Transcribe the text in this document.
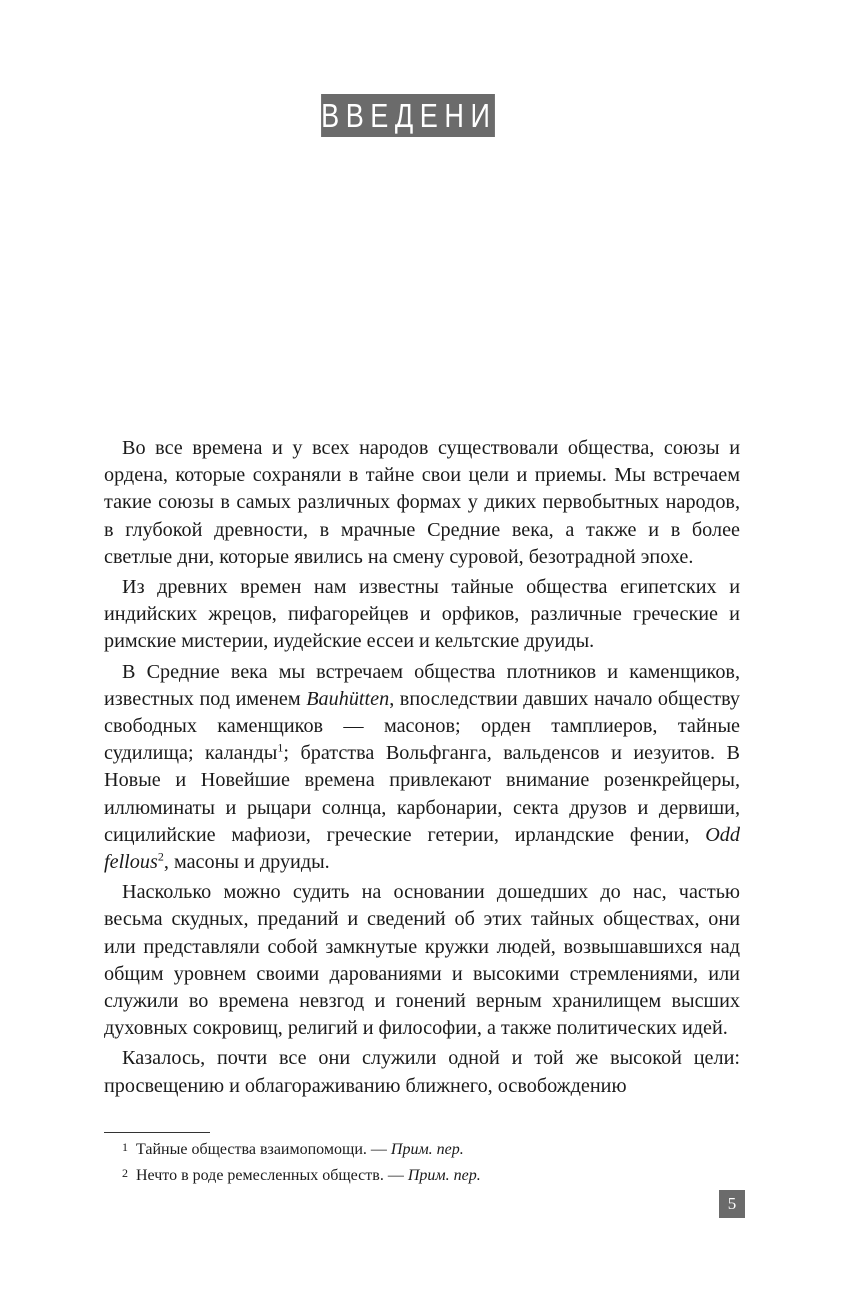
ВВЕДЕНИЕ

Во все времена и у всех народов существовали общества, союзы и ордена, которые сохраняли в тайне свои цели и приемы. Мы встречаем такие союзы в самых различных формах у диких первобытных народов, в глубокой древности, в мрачные Средние века, а также и в более светлые дни, которые явились на смену суровой, безотрадной эпохе.

Из древних времен нам известны тайные общества египетских и индийских жрецов, пифагорейцев и орфиков, различные греческие и римские мистерии, иудейские ессеи и кельтские друиды.

В Средние века мы встречаем общества плотников и каменщиков, известных под именем Bauhütten, впоследствии давших начало обществу свободных каменщиков — масонов; орден тамплиеров, тайные судилища; каланды$^1$; братства Вольфганга, вальденсов и иезуитов. В Новые и Новейшие времена привлекают внимание розенкрейцеры, иллюминаты и рыцари солнца, карбонарии, секта друзов и дервиши, сицилийские мафиози, греческие гетерии, ирландские фении, Odd fellous$^2$, масоны и друиды.

Насколько можно судить на основании дошедших до нас, частью весьма скудных, преданий и сведений об этих тайных обществах, они или представляли собой замкнутые кружки людей, возвышавшихся над общим уровнем своими дарованиями и высокими стремлениями, или служили во времена невзгод и гонений верным хранилищем высших духовных сокровищ, религий и философии, а также политических идей.

Казалось, почти все они служили одной и той же высокой цели: просвещению и облагораживанию ближнего, освобождению

1 Тайные общества взаимопомощи. — Прим. пер.
2 Нечто в роде ремесленных обществ. — Прим. пер.
5
